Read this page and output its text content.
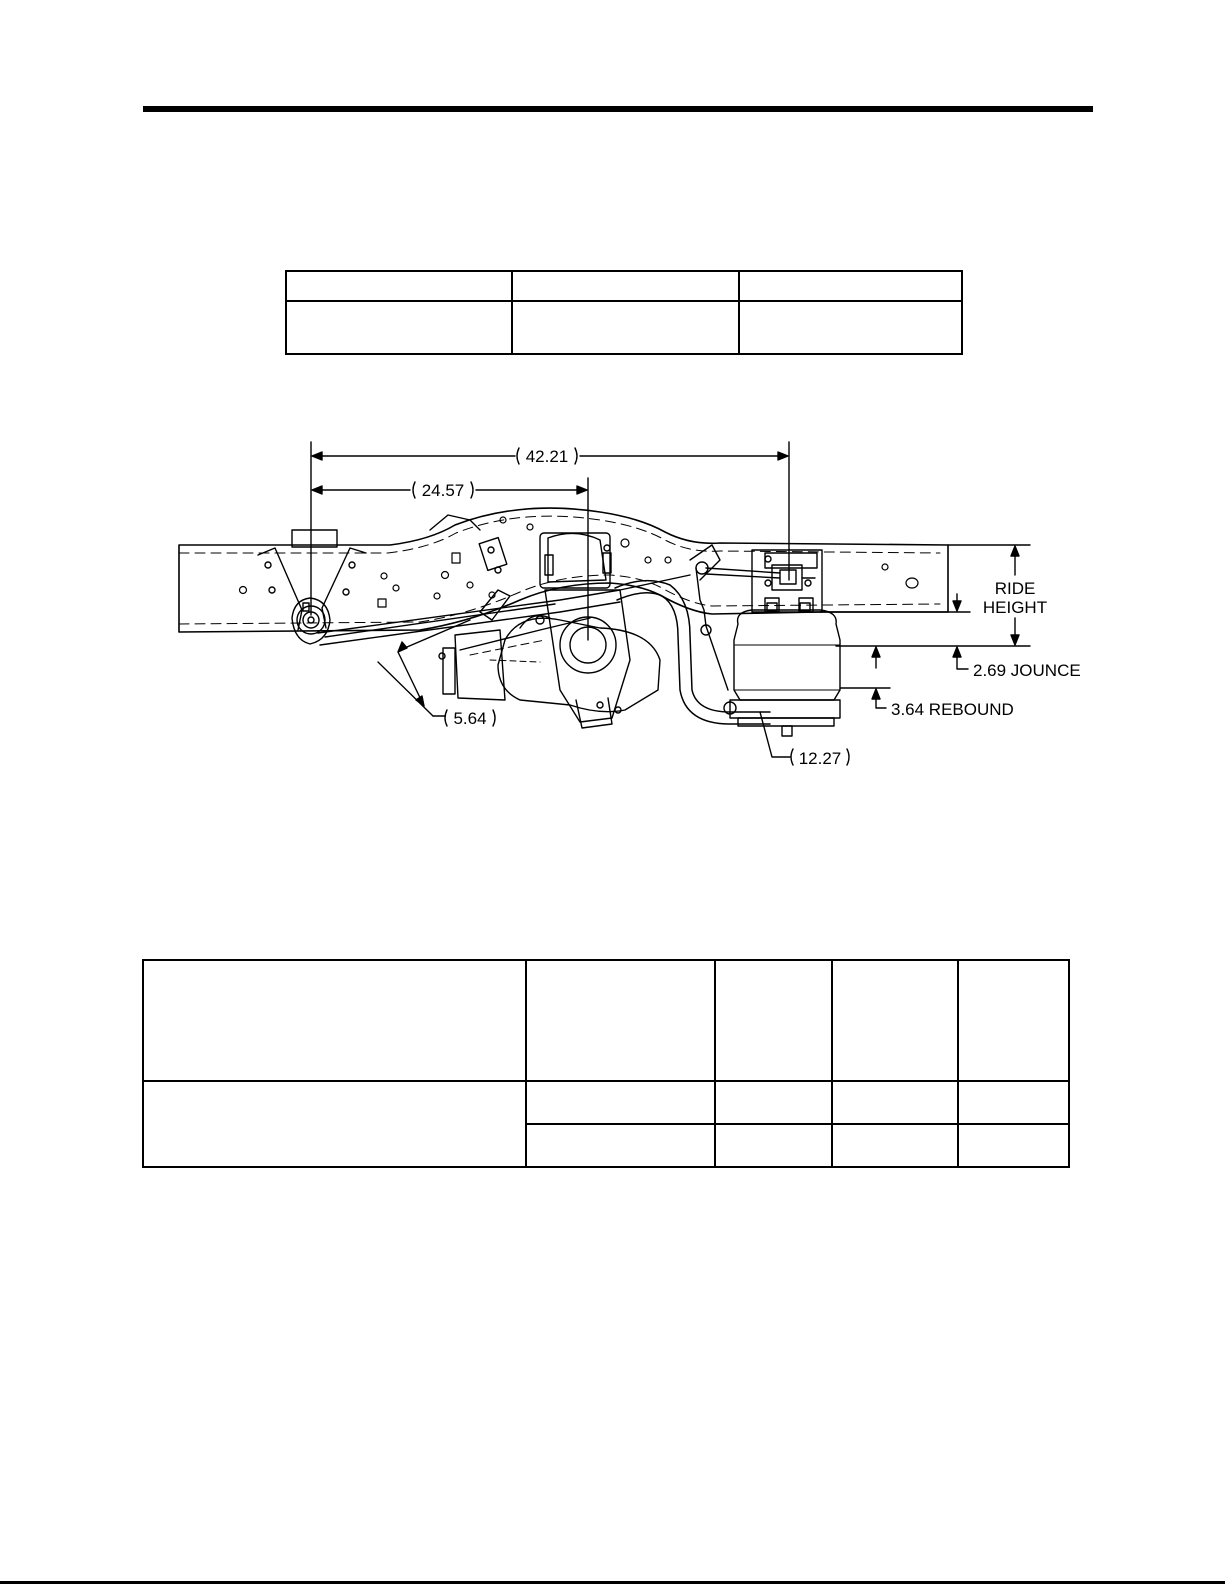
42.21
24.57
5.64
12.27
RIDE
HEIGHT
2.69 JOUNCE
3.64 REBOUND
